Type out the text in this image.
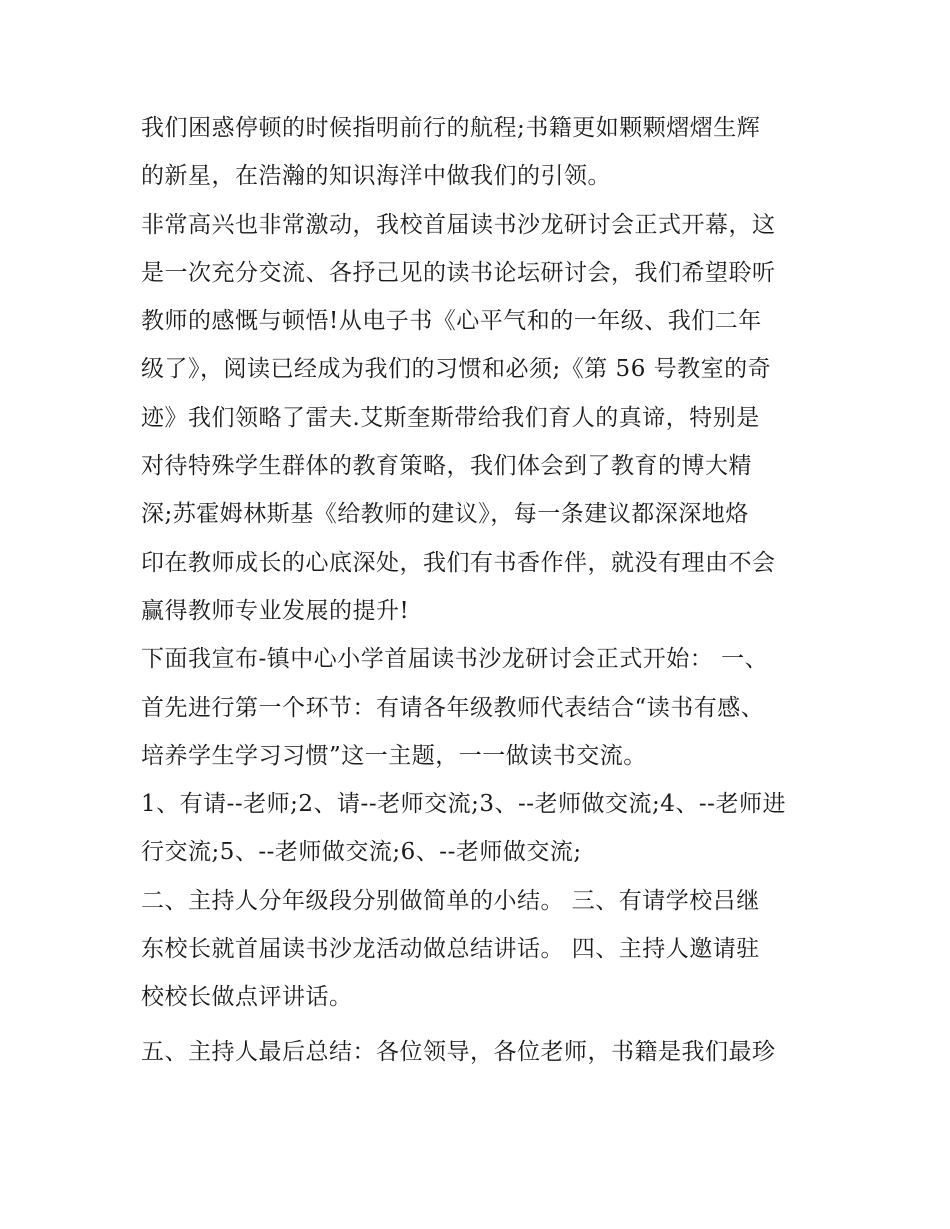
我们困惑停顿的时候指明前行的航程;书籍更如颗颗熠熠生辉
的新星，在浩瀚的知识海洋中做我们的引领。
非常高兴也非常激动，我校首届读书沙龙研讨会正式开幕，这
是一次充分交流、各抒己见的读书论坛研讨会，我们希望聆听
教师的感慨与顿悟!从电子书《心平气和的一年级、我们二年
级了》，阅读已经成为我们的习惯和必须;《第 56 号教室的奇
迹》我们领略了雷夫.艾斯奎斯带给我们育人的真谛，特别是
对待特殊学生群体的教育策略，我们体会到了教育的博大精
深;苏霍姆林斯基《给教师的建议》，每一条建议都深深地烙
印在教师成长的心底深处，我们有书香作伴，就没有理由不会
赢得教师专业发展的提升!
下面我宣布-镇中心小学首届读书沙龙研讨会正式开始： 一、
首先进行第一个环节：有请各年级教师代表结合“读书有感、
培养学生学习习惯”这一主题，一一做读书交流。
1、有请--老师;2、请--老师交流;3、--老师做交流;4、--老师进
行交流;5、--老师做交流;6、--老师做交流;
二、主持人分年级段分别做简单的小结。 三、有请学校吕继
东校长就首届读书沙龙活动做总结讲话。 四、主持人邀请驻
校校长做点评讲话。
五、主持人最后总结：各位领导，各位老师，书籍是我们最珍
